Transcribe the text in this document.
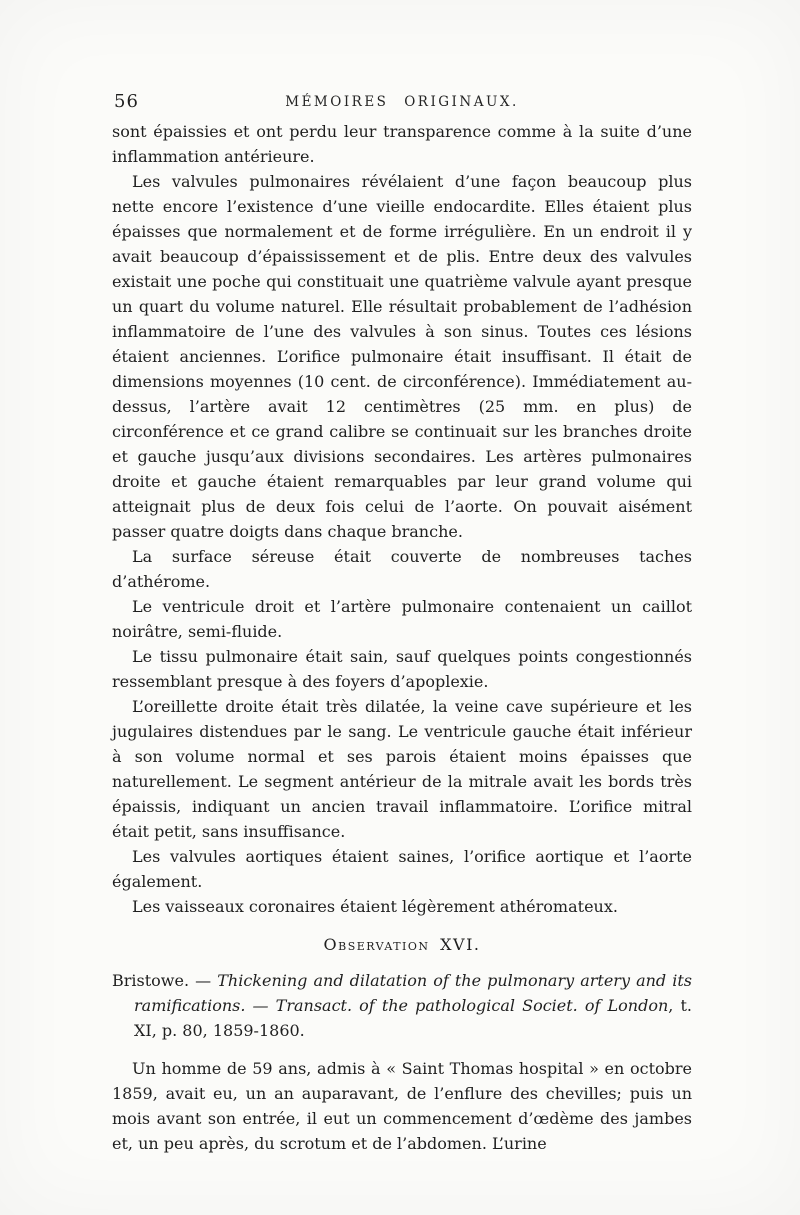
56	MÉMOIRES ORIGINAUX.

sont épaissies et ont perdu leur transparence comme à la suite d’une inflammation antérieure.

Les valvules pulmonaires révélaient d’une façon beaucoup plus nette encore l’existence d’une vieille endocardite. Elles étaient plus épaisses que normalement et de forme irrégulière. En un endroit il y avait beaucoup d’épaississement et de plis. Entre deux des valvules existait une poche qui constituait une quatrième valvule ayant presque un quart du volume naturel. Elle résultait probablement de l’adhésion inflammatoire de l’une des valvules à son sinus. Toutes ces lésions étaient anciennes. L’orifice pulmonaire était insuffisant. Il était de dimensions moyennes (10 cent. de circonférence). Immédiatement au-dessus, l’artère avait 12 centimètres (25 mm. en plus) de circonférence et ce grand calibre se continuait sur les branches droite et gauche jusqu’aux divisions secondaires. Les artères pulmonaires droite et gauche étaient remarquables par leur grand volume qui atteignait plus de deux fois celui de l’aorte. On pouvait aisément passer quatre doigts dans chaque branche.

La surface séreuse était couverte de nombreuses taches d’athérome.

Le ventricule droit et l’artère pulmonaire contenaient un caillot noirâtre, semi-fluide.

Le tissu pulmonaire était sain, sauf quelques points congestionnés ressemblant presque à des foyers d’apoplexie.

L’oreillette droite était très dilatée, la veine cave supérieure et les jugulaires distendues par le sang. Le ventricule gauche était inférieur à son volume normal et ses parois étaient moins épaisses que naturellement. Le segment antérieur de la mitrale avait les bords très épaissis, indiquant un ancien travail inflammatoire. L’orifice mitral était petit, sans insuffisance.

Les valvules aortiques étaient saines, l’orifice aortique et l’aorte également.

Les vaisseaux coronaires étaient légèrement athéromateux.

Observation XVI.

Bristowe. — Thickening and dilatation of the pulmonary artery and its ramifications. — Transact. of the pathological Societ. of London, t. XI, p. 80, 1859-1860.

Un homme de 59 ans, admis à « Saint Thomas hospital » en octobre 1859, avait eu, un an auparavant, de l’enflure des chevilles; puis un mois avant son entrée, il eut un commencement d’œdème des jambes et, un peu après, du scrotum et de l’abdomen. L’urine
